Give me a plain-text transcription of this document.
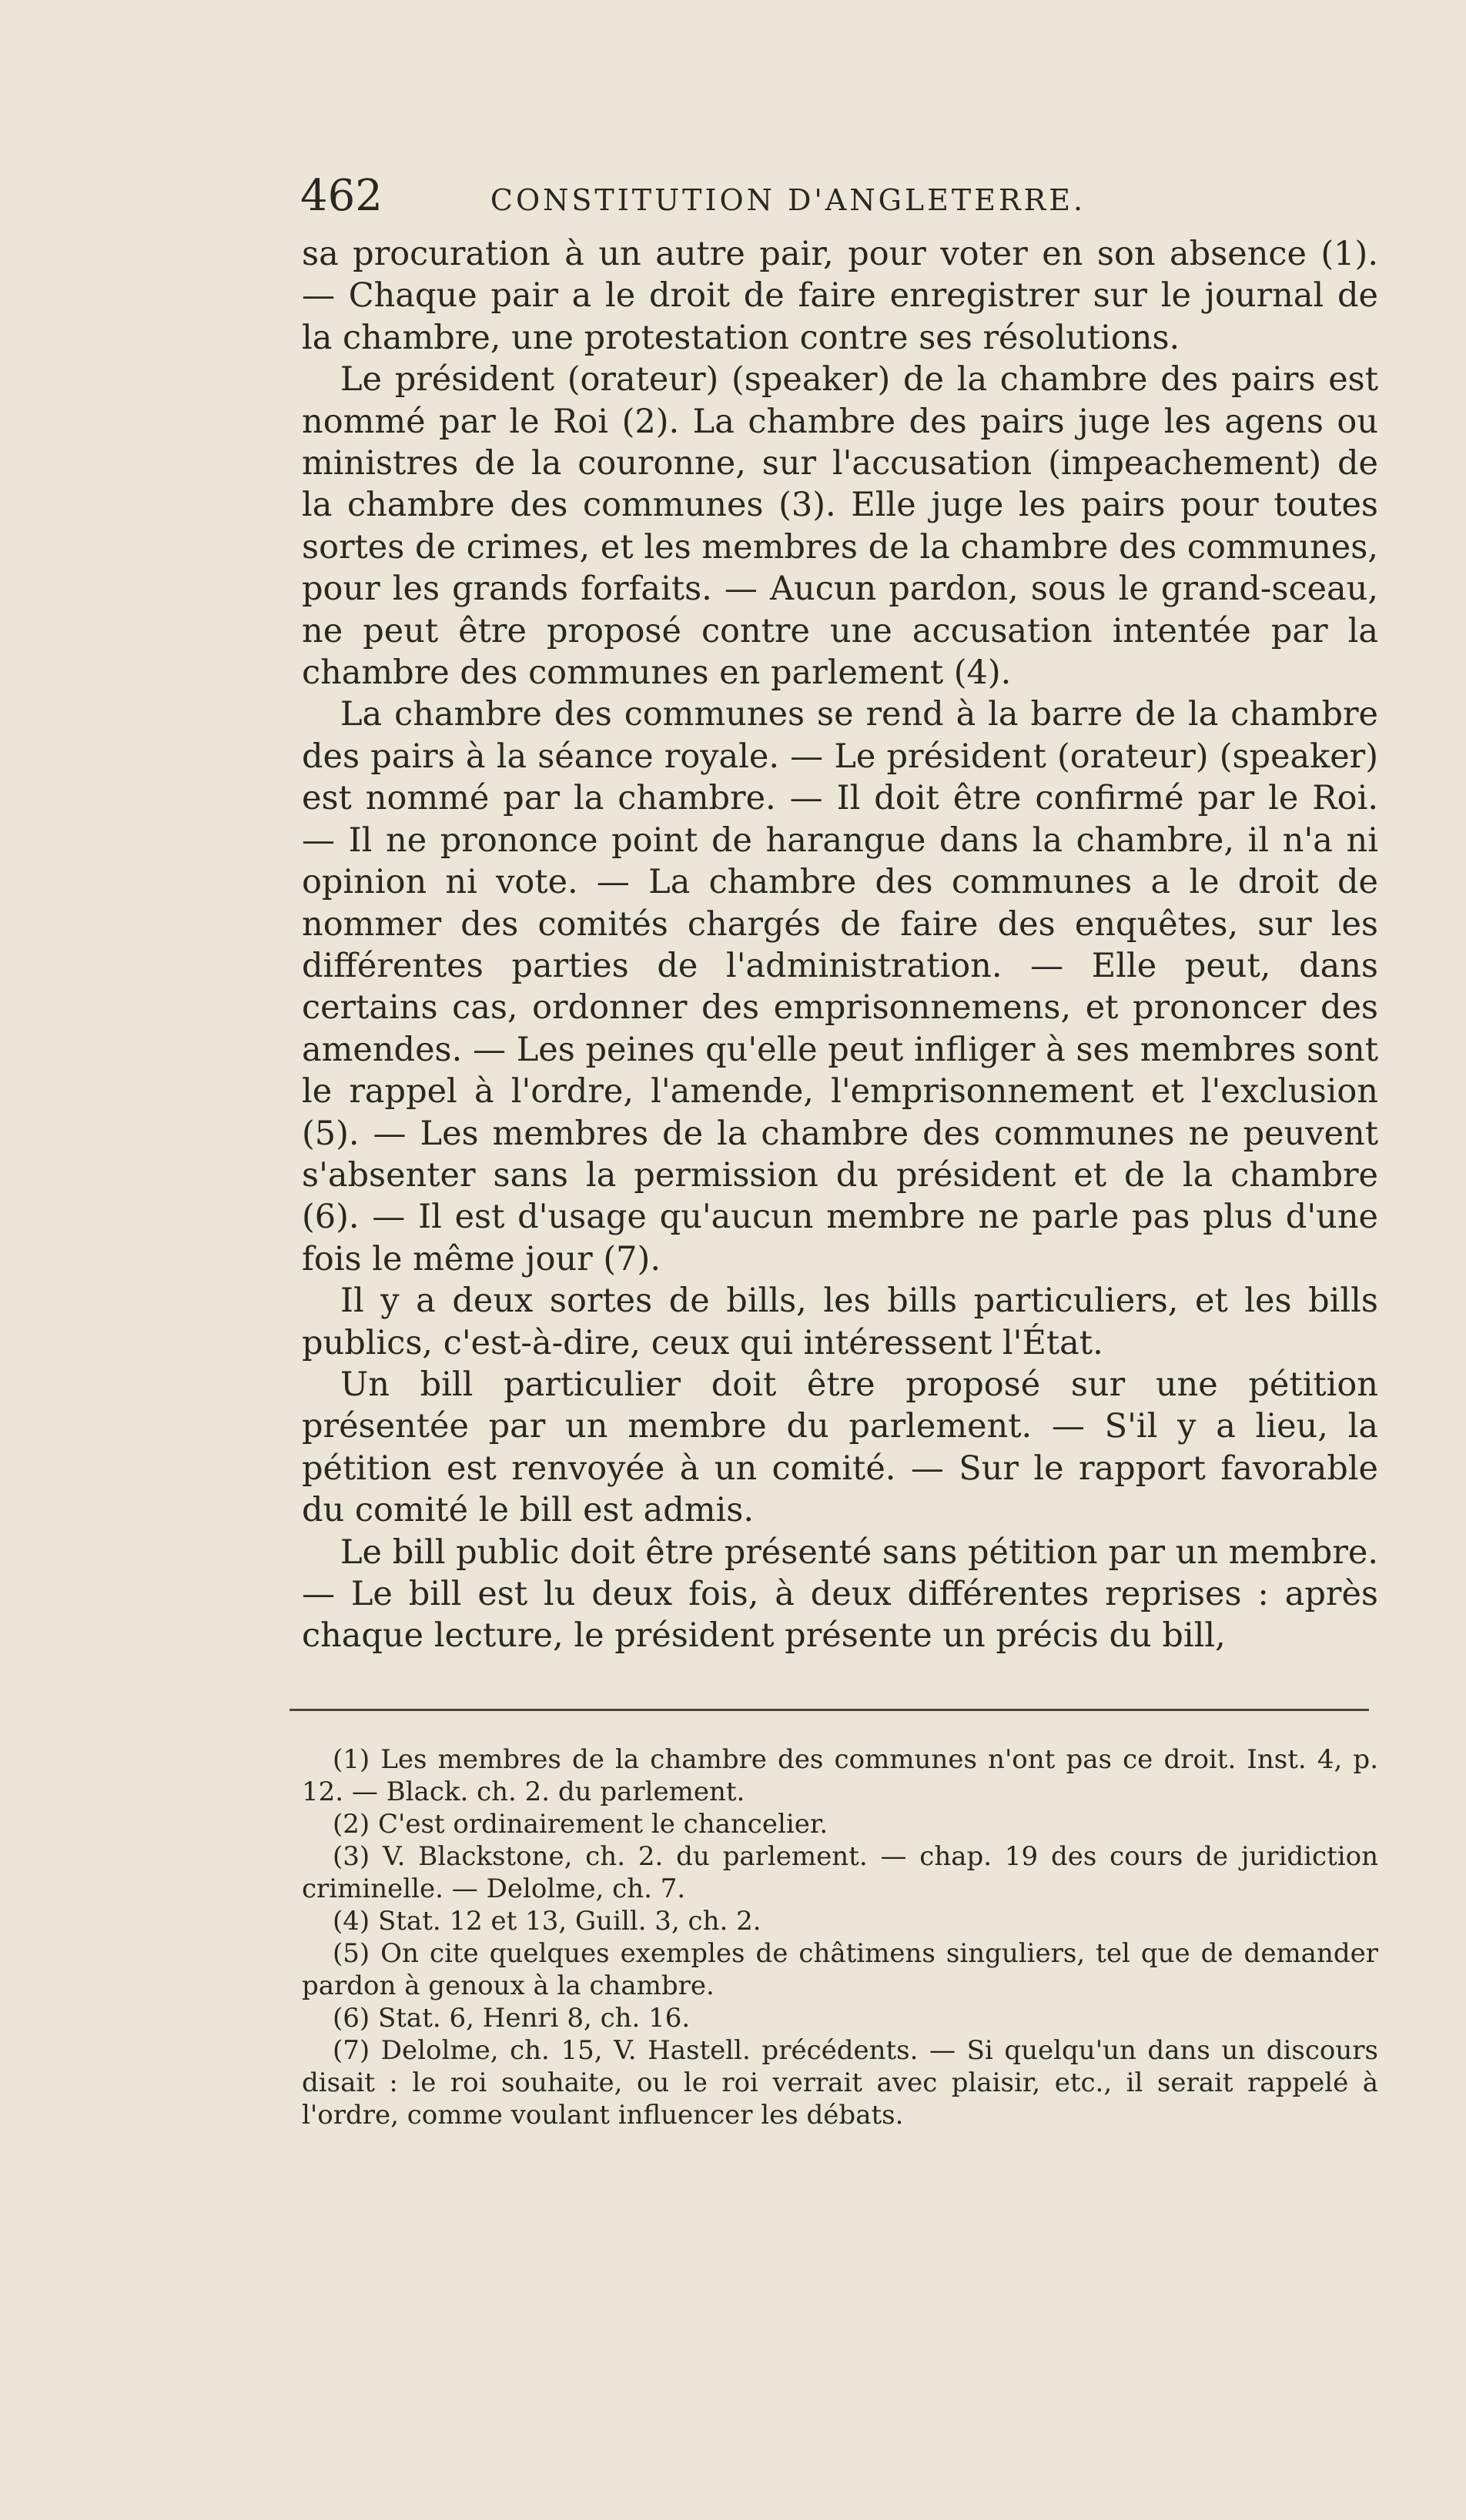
462	CONSTITUTION D'ANGLETERRE.

sa procuration à un autre pair, pour voter en son absence (1). — Chaque pair a le droit de faire enregistrer sur le journal de la chambre, une protestation contre ses résolutions.

Le président (orateur) (speaker) de la chambre des pairs est nommé par le Roi (2). La chambre des pairs juge les agens ou ministres de la couronne, sur l'accusation (impeachement) de la chambre des communes (3). Elle juge les pairs pour toutes sortes de crimes, et les membres de la chambre des communes, pour les grands forfaits. — Aucun pardon, sous le grand-sceau, ne peut être proposé contre une accusation intentée par la chambre des communes en parlement (4).

La chambre des communes se rend à la barre de la chambre des pairs à la séance royale. — Le président (orateur) (speaker) est nommé par la chambre. — Il doit être confirmé par le Roi. — Il ne prononce point de harangue dans la chambre, il n'a ni opinion ni vote. — La chambre des communes a le droit de nommer des comités chargés de faire des enquêtes, sur les différentes parties de l'administration. — Elle peut, dans certains cas, ordonner des emprisonnemens, et prononcer des amendes. — Les peines qu'elle peut infliger à ses membres sont le rappel à l'ordre, l'amende, l'emprisonnement et l'exclusion (5). — Les membres de la chambre des communes ne peuvent s'absenter sans la permission du président et de la chambre (6). — Il est d'usage qu'aucun membre ne parle pas plus d'une fois le même jour (7).

Il y a deux sortes de bills, les bills particuliers, et les bills publics, c'est-à-dire, ceux qui intéressent l'État.

Un bill particulier doit être proposé sur une pétition présentée par un membre du parlement. — S'il y a lieu, la pétition est renvoyée à un comité. — Sur le rapport favorable du comité le bill est admis.

Le bill public doit être présenté sans pétition par un membre. — Le bill est lu deux fois, à deux différentes reprises : après chaque lecture, le président présente un précis du bill,

(1) Les membres de la chambre des communes n'ont pas ce droit. Inst. 4, p. 12. — Black. ch. 2. du parlement.

(2) C'est ordinairement le chancelier.

(3) V. Blackstone, ch. 2. du parlement. — chap. 19 des cours de juridiction criminelle. — Delolme, ch. 7.

(4) Stat. 12 et 13, Guill. 3, ch. 2.

(5) On cite quelques exemples de châtimens singuliers, tel que de demander pardon à genoux à la chambre.

(6) Stat. 6, Henri 8, ch. 16.

(7) Delolme, ch. 15, V. Hastell. précédents. — Si quelqu'un dans un discours disait : le roi souhaite, ou le roi verrait avec plaisir, etc., il serait rappelé à l'ordre, comme voulant influencer les débats.
